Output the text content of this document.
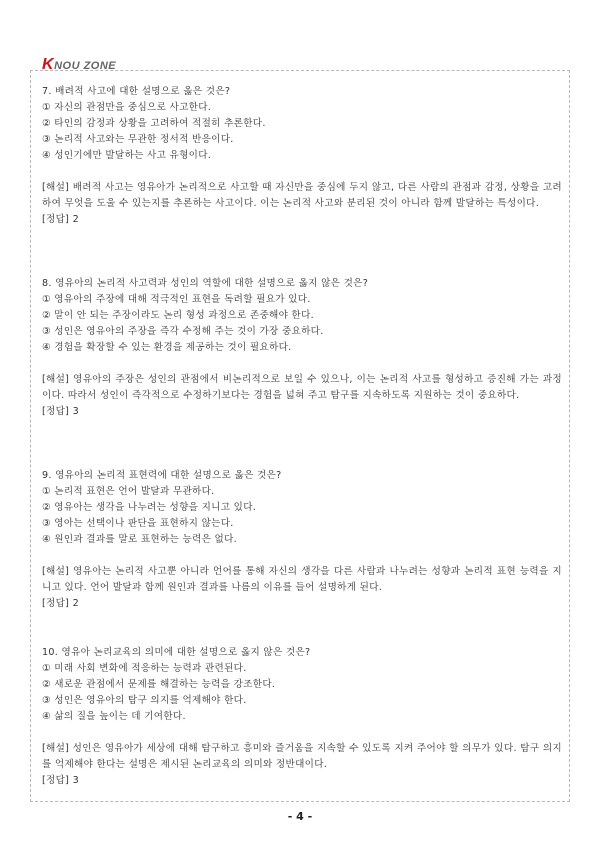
KNOU ZONE

7. 배려적 사고에 대한 설명으로 옳은 것은?

① 자신의 관점만을 중심으로 사고한다.

② 타인의 감정과 상황을 고려하여 적절히 추론한다.

③ 논리적 사고와는 무관한 정서적 반응이다.

④ 성인기에만 발달하는 사고 유형이다.

[해설] 배려적 사고는 영유아가 논리적으로 사고할 때 자신만을 중심에 두지 않고, 다른 사람의 관점과 감정, 상황을 고려하여 무엇을 도울 수 있는지를 추론하는 사고이다. 이는 논리적 사고와 분리된 것이 아니라 함께 발달하는 특성이다.

[정답] 2

8. 영유아의 논리적 사고력과 성인의 역할에 대한 설명으로 옳지 않은 것은?

① 영유아의 주장에 대해 적극적인 표현을 독려할 필요가 있다.

② 말이 안 되는 주장이라도 논리 형성 과정으로 존중해야 한다.

③ 성인은 영유아의 주장을 즉각 수정해 주는 것이 가장 중요하다.

④ 경험을 확장할 수 있는 환경을 제공하는 것이 필요하다.

[해설] 영유아의 주장은 성인의 관점에서 비논리적으로 보일 수 있으나, 이는 논리적 사고를 형성하고 증진해 가는 과정이다. 따라서 성인이 즉각적으로 수정하기보다는 경험을 넓혀 주고 탐구를 지속하도록 지원하는 것이 중요하다.

[정답] 3

9. 영유아의 논리적 표현력에 대한 설명으로 옳은 것은?

① 논리적 표현은 언어 발달과 무관하다.

② 영유아는 생각을 나누려는 성향을 지니고 있다.

③ 영아는 선택이나 판단을 표현하지 않는다.

④ 원인과 결과를 말로 표현하는 능력은 없다.

[해설] 영유아는 논리적 사고뿐 아니라 언어를 통해 자신의 생각을 다른 사람과 나누려는 성향과 논리적 표현 능력을 지니고 있다. 언어 발달과 함께 원인과 결과를 나름의 이유를 들어 설명하게 된다.

[정답] 2

10. 영유아 논리교육의 의미에 대한 설명으로 옳지 않은 것은?

① 미래 사회 변화에 적응하는 능력과 관련된다.

② 새로운 관점에서 문제를 해결하는 능력을 강조한다.

③ 성인은 영유아의 탐구 의지를 억제해야 한다.

④ 삶의 질을 높이는 데 기여한다.

[해설] 성인은 영유아가 세상에 대해 탐구하고 흥미와 즐거움을 지속할 수 있도록 지켜 주어야 할 의무가 있다. 탐구 의지를 억제해야 한다는 설명은 제시된 논리교육의 의미와 정반대이다.

[정답] 3

- 4 -
